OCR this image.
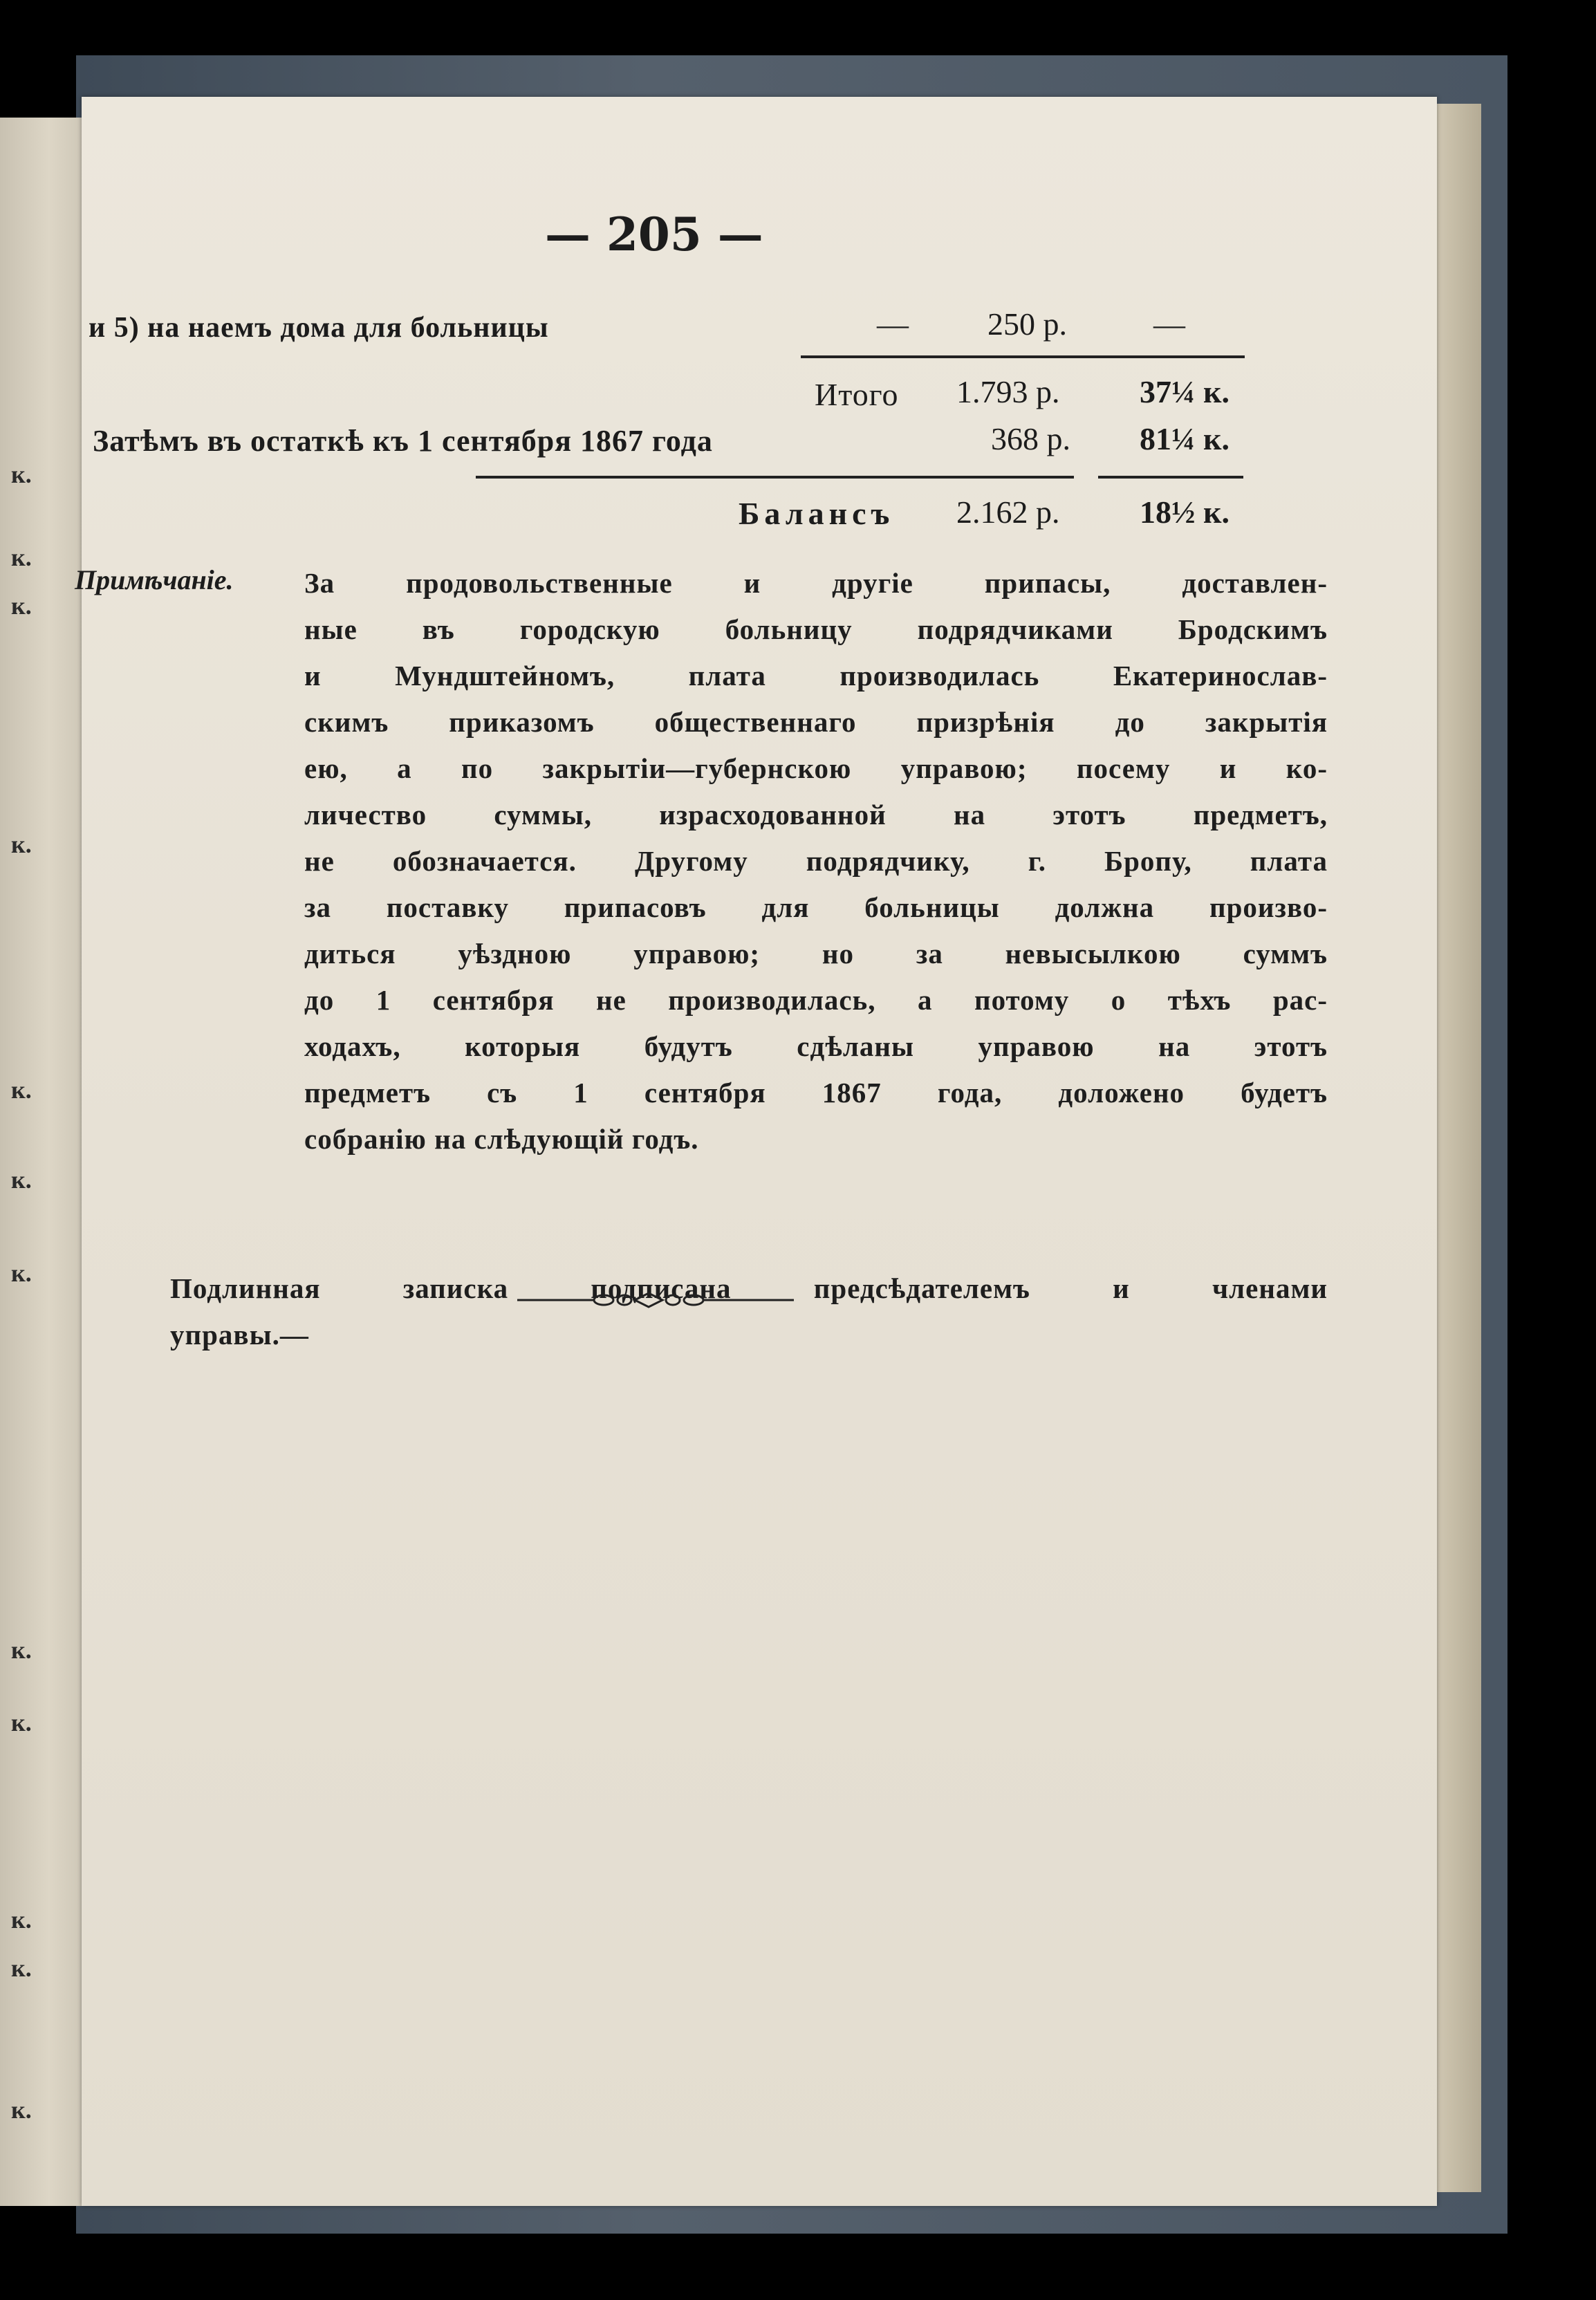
к.
к.
к.
к.
к.
к.
к.
к.
к.
к.
к.
к.
— 205 —
и 5) на наемъ дома для больницы	— 250 р.	—
Итого 1.793 р.	37¼ к.
Затѣмъ въ остаткѣ къ 1 сентября 1867 года	368 р. 81¼ к.
Балансъ 2.162 р.	18½ к.
Примѣчаніе. За продовольственные и другіе припасы, доставлен-
ные въ городскую больницу подрядчиками Бродскимъ
и Мундштейномъ, плата производилась Екатеринослав-
скимъ приказомъ общественнаго призрѣнія до закрытія
ею, а по закрытіи—губернскою управою; посему и ко-
личество суммы, израсходованной на этотъ предметъ,
не обозначается. Другому подрядчику, г. Бропу, плата
за поставку припасовъ для больницы должна произво-
диться уѣздною управою; но за невысылкою суммъ
до 1 сентября не производилась, а потому о тѣхъ рас-
ходахъ, которыя будутъ сдѣланы управою на этотъ
предметъ съ 1 сентября 1867 года, доложено будетъ
собранію на слѣдующій годъ.
Подлинная записка подписана предсѣдателемъ и членами
управы.—
